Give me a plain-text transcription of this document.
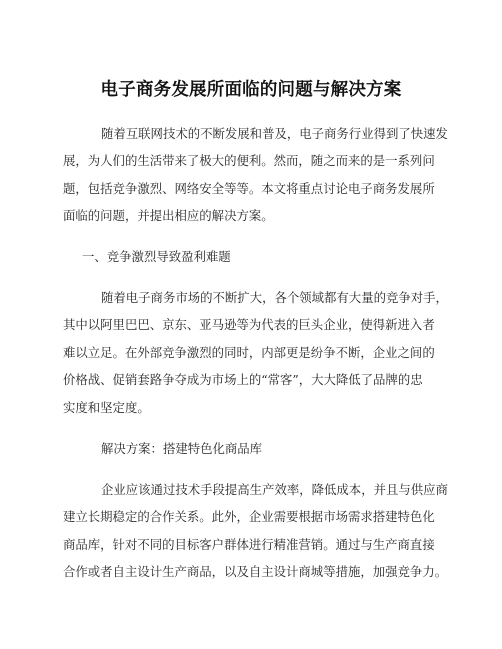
电子商务发展所面临的问题与解决方案
随着互联网技术的不断发展和普及，电子商务行业得到了快速发
展，为人们的生活带来了极大的便利。然而，随之而来的是一系列问
题，包括竞争激烈、网络安全等等。本文将重点讨论电子商务发展所
面临的问题，并提出相应的解决方案。
一、竞争激烈导致盈利难题
随着电子商务市场的不断扩大，各个领域都有大量的竞争对手，
其中以阿里巴巴、京东、亚马逊等为代表的巨头企业，使得新进入者
难以立足。在外部竞争激烈的同时，内部更是纷争不断，企业之间的
价格战、促销套路争夺成为市场上的“常客”，大大降低了品牌的忠
实度和坚定度。
解决方案：搭建特色化商品库
企业应该通过技术手段提高生产效率，降低成本，并且与供应商
建立长期稳定的合作关系。此外，企业需要根据市场需求搭建特色化
商品库，针对不同的目标客户群体进行精准营销。通过与生产商直接
合作或者自主设计生产商品，以及自主设计商城等措施，加强竞争力。
